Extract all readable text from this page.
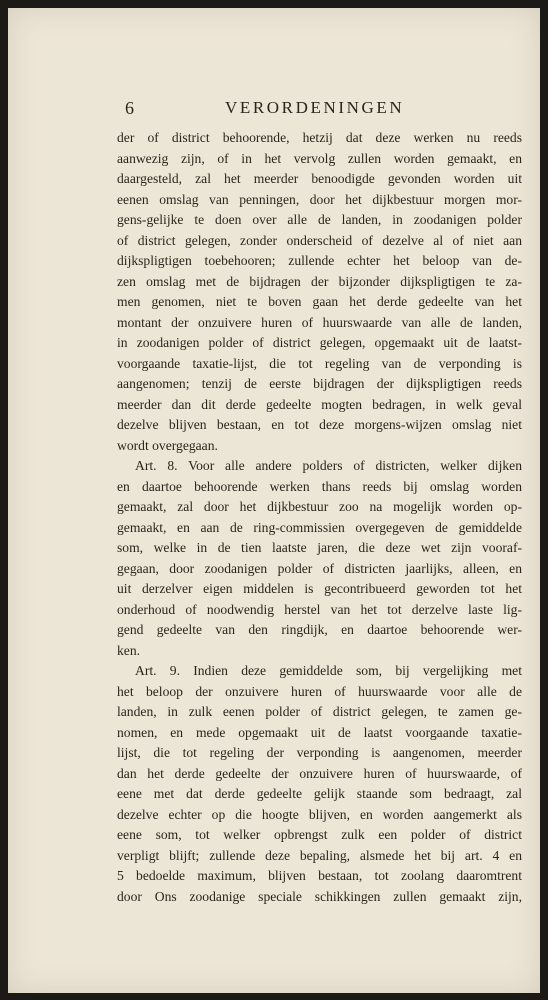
6	VERORDENINGEN
der of district behoorende, hetzij dat deze werken nu reeds
aanwezig zijn, of in het vervolg zullen worden gemaakt, en
daargesteld, zal het meerder benoodigde gevonden worden uit
eenen omslag van penningen, door het dijkbestuur morgen mor-
gens-gelijke te doen over alle de landen, in zoodanigen polder
of district gelegen, zonder onderscheid of dezelve al of niet aan
dijkspligtigen toebehooren; zullende echter het beloop van de-
zen omslag met de bijdragen der bijzonder dijkspligtigen te za-
men genomen, niet te boven gaan het derde gedeelte van het
montant der onzuivere huren of huurswaarde van alle de landen,
in zoodanigen polder of district gelegen, opgemaakt uit de laatst-
voorgaande taxatie-lijst, die tot regeling van de verponding is
aangenomen; tenzij de eerste bijdragen der dijkspligtigen reeds
meerder dan dit derde gedeelte mogten bedragen, in welk geval
dezelve blijven bestaan, en tot deze morgens-wijzen omslag niet
wordt overgegaan.
Art. 8. Voor alle andere polders of districten, welker dijken
en daartoe behoorende werken thans reeds bij omslag worden
gemaakt, zal door het dijkbestuur zoo na mogelijk worden op-
gemaakt, en aan de ring-commissien overgegeven de gemiddelde
som, welke in de tien laatste jaren, die deze wet zijn vooraf-
gegaan, door zoodanigen polder of districten jaarlijks, alleen, en
uit derzelver eigen middelen is gecontribueerd geworden tot het
onderhoud of noodwendig herstel van het tot derzelve laste lig-
gend gedeelte van den ringdijk, en daartoe behoorende wer-
ken.
Art. 9. Indien deze gemiddelde som, bij vergelijking met
het beloop der onzuivere huren of huurswaarde voor alle de
landen, in zulk eenen polder of district gelegen, te zamen ge-
nomen, en mede opgemaakt uit de laatst voorgaande taxatie-
lijst, die tot regeling der verponding is aangenomen, meerder
dan het derde gedeelte der onzuivere huren of huurswaarde, of
eene met dat derde gedeelte gelijk staande som bedraagt, zal
dezelve echter op die hoogte blijven, en worden aangemerkt als
eene som, tot welker opbrengst zulk een polder of district
verpligt blijft; zullende deze bepaling, alsmede het bij art. 4 en
5 bedoelde maximum, blijven bestaan, tot zoolang daaromtrent
door Ons zoodanige speciale schikkingen zullen gemaakt zijn,
